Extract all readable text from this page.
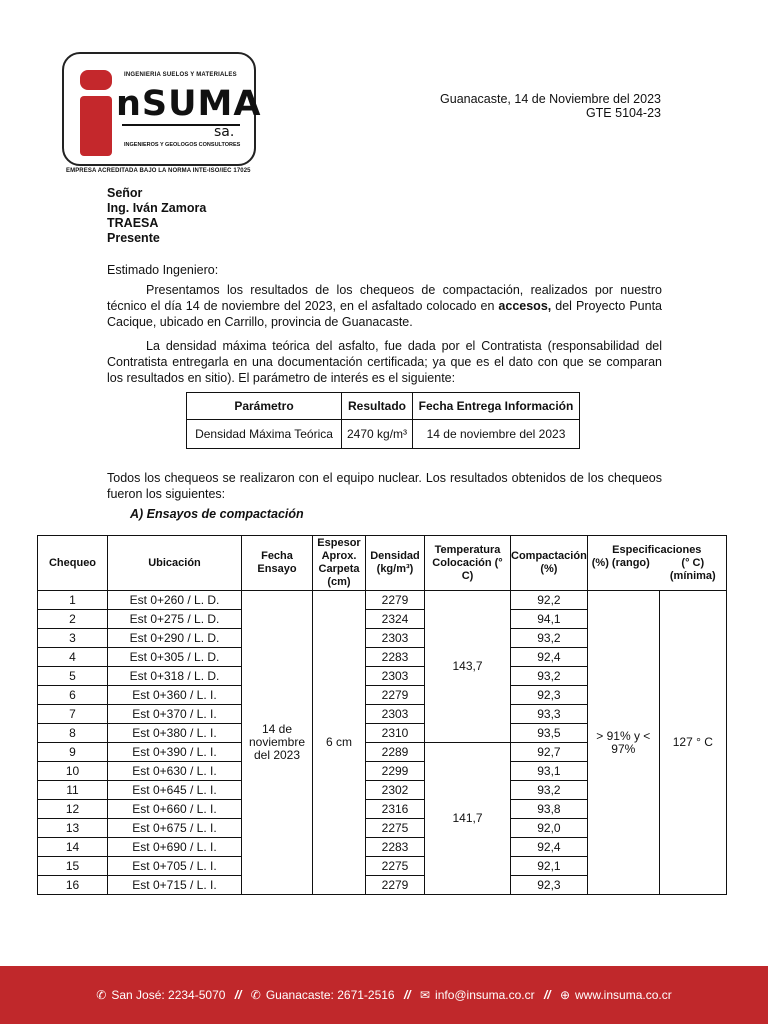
INGENIERIA SUELOS Y MATERIALES
nSUMA
sa.
INGENIEROS Y GEOLOGOS CONSULTORES
EMPRESA ACREDITADA BAJO LA NORMA INTE-ISO/IEC 17025
Guanacaste, 14 de Noviembre del 2023
GTE 5104-23
Señor
Ing. Iván Zamora
TRAESA
Presente
Estimado Ingeniero:
Presentamos los resultados de los chequeos de compactación, realizados por nuestro técnico el día 14 de noviembre del 2023, en el asfaltado colocado en accesos, del Proyecto Punta Cacique, ubicado en Carrillo, provincia de Guanacaste.
La densidad máxima teórica del asfalto, fue dada por el Contratista (responsabilidad del Contratista entregarla en una documentación certificada; ya que es el dato con que se comparan los resultados en sitio). El parámetro de interés es el siguiente:
Parámetro	Resultado	Fecha Entrega Información
Densidad Máxima Teórica	2470 kg/m³	14 de noviembre del 2023
Todos los chequeos se realizaron con el equipo nuclear. Los resultados obtenidos de los chequeos fueron los siguientes:
A) Ensayos de compactación
Chequeo	Ubicación	Fecha Ensayo	Espesor Aprox. Carpeta (cm)	Densidad (kg/m³)	Temperatura Colocación (° C)	Compactación (%)	Especificaciones
(%) (rango) (° C) (mínima)	

1	Est 0+260 / L. D.	14 de noviembre del 2023	6 cm	2279	143,7	92,2	> 91% y < 97%	127 ° C
2	Est 0+275 / L. D.			2324		94,1		
3	Est 0+290 / L. D.			2303		93,2		
4	Est 0+305 / L. D.			2283		92,4		
5	Est 0+318 / L. D.			2303		93,2		
6	Est 0+360 / L. I.			2279		92,3		
7	Est 0+370 / L. I.			2303		93,3		
8	Est 0+380 / L. I.			2310		93,5		
9	Est 0+390 / L. I.			2289	141,7	92,7		
10	Est 0+630 / L. I.			2299		93,1		
11	Est 0+645 / L. I.			2302		93,2		
12	Est 0+660 / L. I.			2316		93,8		
13	Est 0+675 / L. I.			2275		92,0		
14	Est 0+690 / L. I.			2283		92,4		
15	Est 0+705 / L. I.			2275		92,1		
16	Est 0+715 / L. I.			2279		92,3		
✆ San José: 2234-5070 // ✆ Guanacaste: 2671-2516 // ✉ info@insuma.co.cr // ⊕ www.insuma.co.cr
